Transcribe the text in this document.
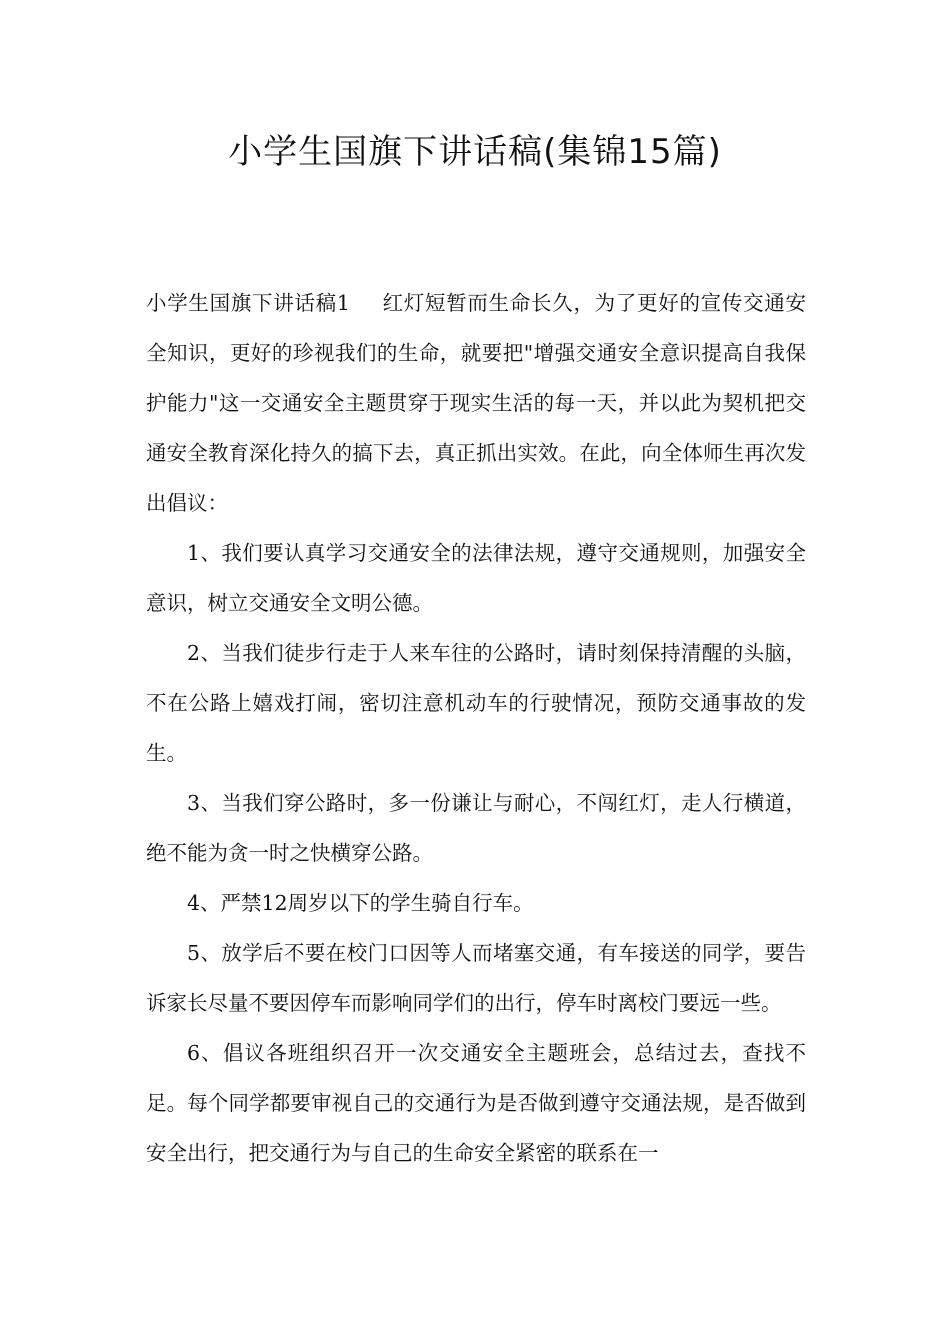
小学生国旗下讲话稿(集锦15篇)

小学生国旗下讲话稿1 红灯短暂而生命长久，为了更好的宣传交通安全知识，更好的珍视我们的生命，就要把"增强交通安全意识提高自我保护能力"这一交通安全主题贯穿于现实生活的每一天，并以此为契机把交通安全教育深化持久的搞下去，真正抓出实效。在此，向全体师生再次发出倡议：

1、我们要认真学习交通安全的法律法规，遵守交通规则，加强安全意识，树立交通安全文明公德。

2、当我们徒步行走于人来车往的公路时，请时刻保持清醒的头脑，不在公路上嬉戏打闹，密切注意机动车的行驶情况，预防交通事故的发生。

3、当我们穿公路时，多一份谦让与耐心，不闯红灯，走人行横道，绝不能为贪一时之快横穿公路。

4、严禁12周岁以下的学生骑自行车。

5、放学后不要在校门口因等人而堵塞交通，有车接送的同学，要告诉家长尽量不要因停车而影响同学们的出行，停车时离校门要远一些。

6、倡议各班组织召开一次交通安全主题班会，总结过去，查找不足。每个同学都要审视自己的交通行为是否做到遵守交通法规，是否做到安全出行，把交通行为与自己的生命安全紧密的联系在一
